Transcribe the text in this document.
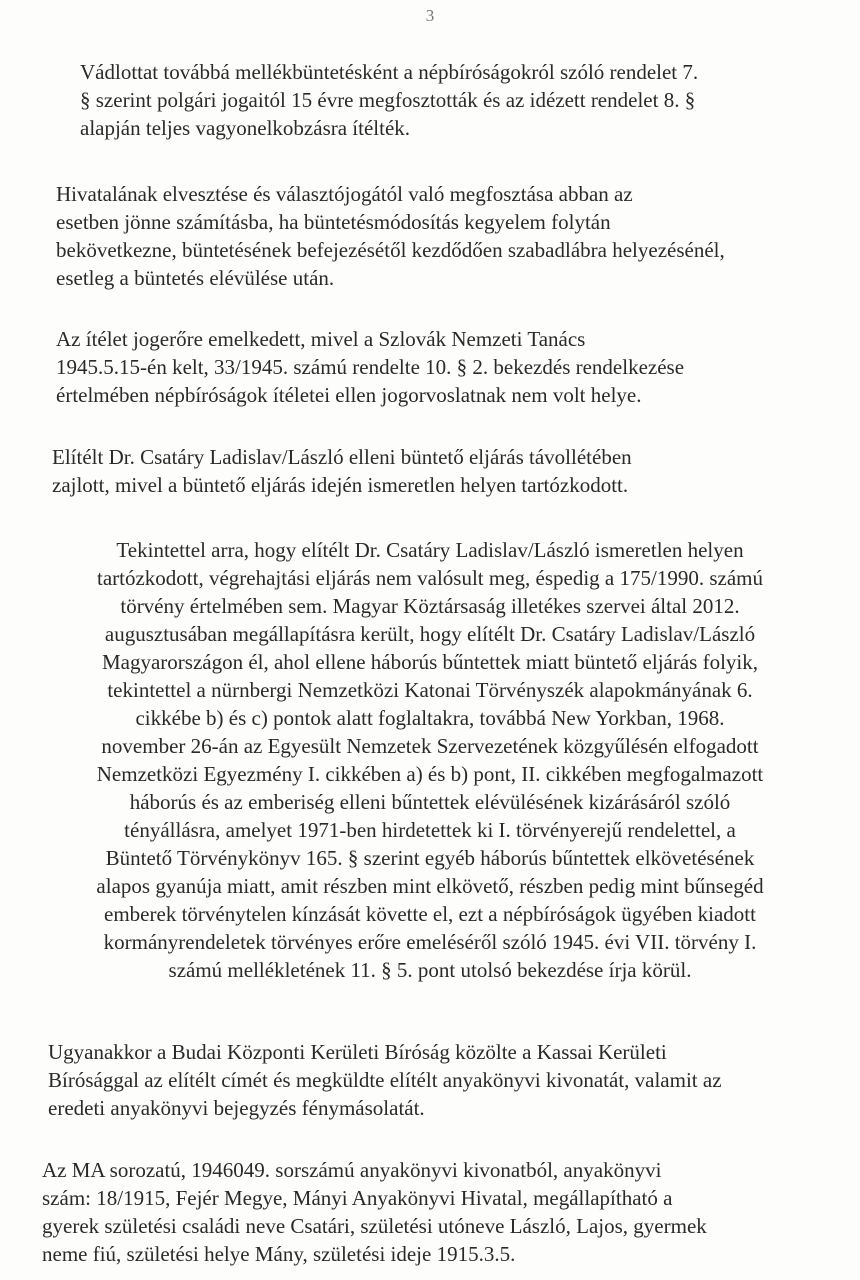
3

Vádlottat továbbá mellékbüntetésként a népbíróságokról szóló rendelet 7.
§ szerint polgári jogaitól 15 évre megfosztották és az idézett rendelet 8. §
alapján teljes vagyonelkobzásra ítélték.

Hivatalának elvesztése és választójogától való megfosztása abban az
esetben jönne számításba, ha büntetésmódosítás kegyelem folytán
bekövetkezne, büntetésének befejezésétől kezdődően szabadlábra helyezésénél,
esetleg a büntetés elévülése után.

Az ítélet jogerőre emelkedett, mivel a Szlovák Nemzeti Tanács
1945.5.15-én kelt, 33/1945. számú rendelte 10. § 2. bekezdés rendelkezése
értelmében népbíróságok ítéletei ellen jogorvoslatnak nem volt helye.

Elítélt Dr. Csatáry Ladislav/László elleni büntető eljárás távollétében
zajlott, mivel a büntető eljárás idején ismeretlen helyen tartózkodott.

Tekintettel arra, hogy elítélt Dr. Csatáry Ladislav/László ismeretlen helyen
tartózkodott, végrehajtási eljárás nem valósult meg, éspedig a 175/1990. számú
törvény értelmében sem. Magyar Köztársaság illetékes szervei által 2012.
augusztusában megállapításra került, hogy elítélt Dr. Csatáry Ladislav/László
Magyarországon él, ahol ellene háborús bűntettek miatt büntető eljárás folyik,
tekintettel a nürnbergi Nemzetközi Katonai Törvényszék alapokmányának 6.
cikkébe b) és c) pontok alatt foglaltakra, továbbá New Yorkban, 1968.
november 26-án az Egyesült Nemzetek Szervezetének közgyűlésén elfogadott
Nemzetközi Egyezmény I. cikkében a) és b) pont, II. cikkében megfogalmazott
háborús és az emberiség elleni bűntettek elévülésének kizárásáról szóló
tényállásra, amelyet 1971-ben hirdetettek ki I. törvényerejű rendelettel, a
Büntető Törvénykönyv 165. § szerint egyéb háborús bűntettek elkövetésének
alapos gyanúja miatt, amit részben mint elkövető, részben pedig mint bűnsegéd
emberek törvénytelen kínzását követte el, ezt a népbíróságok ügyében kiadott
kormányrendeletek törvényes erőre emeléséről szóló 1945. évi VII. törvény I.
számú mellékletének 11. § 5. pont utolsó bekezdése írja körül.

Ugyanakkor a Budai Központi Kerületi Bíróság közölte a Kassai Kerületi
Bírósággal az elítélt címét és megküldte elítélt anyakönyvi kivonatát, valamit az
eredeti anyakönyvi bejegyzés fénymásolatát.

Az MA sorozatú, 1946049. sorszámú anyakönyvi kivonatból, anyakönyvi
szám: 18/1915, Fejér Megye, Mányi Anyakönyvi Hivatal, megállapítható a
gyerek születési családi neve Csatári, születési utóneve László, Lajos, gyermek
neme fiú, születési helye Mány, születési ideje 1915.3.5.
